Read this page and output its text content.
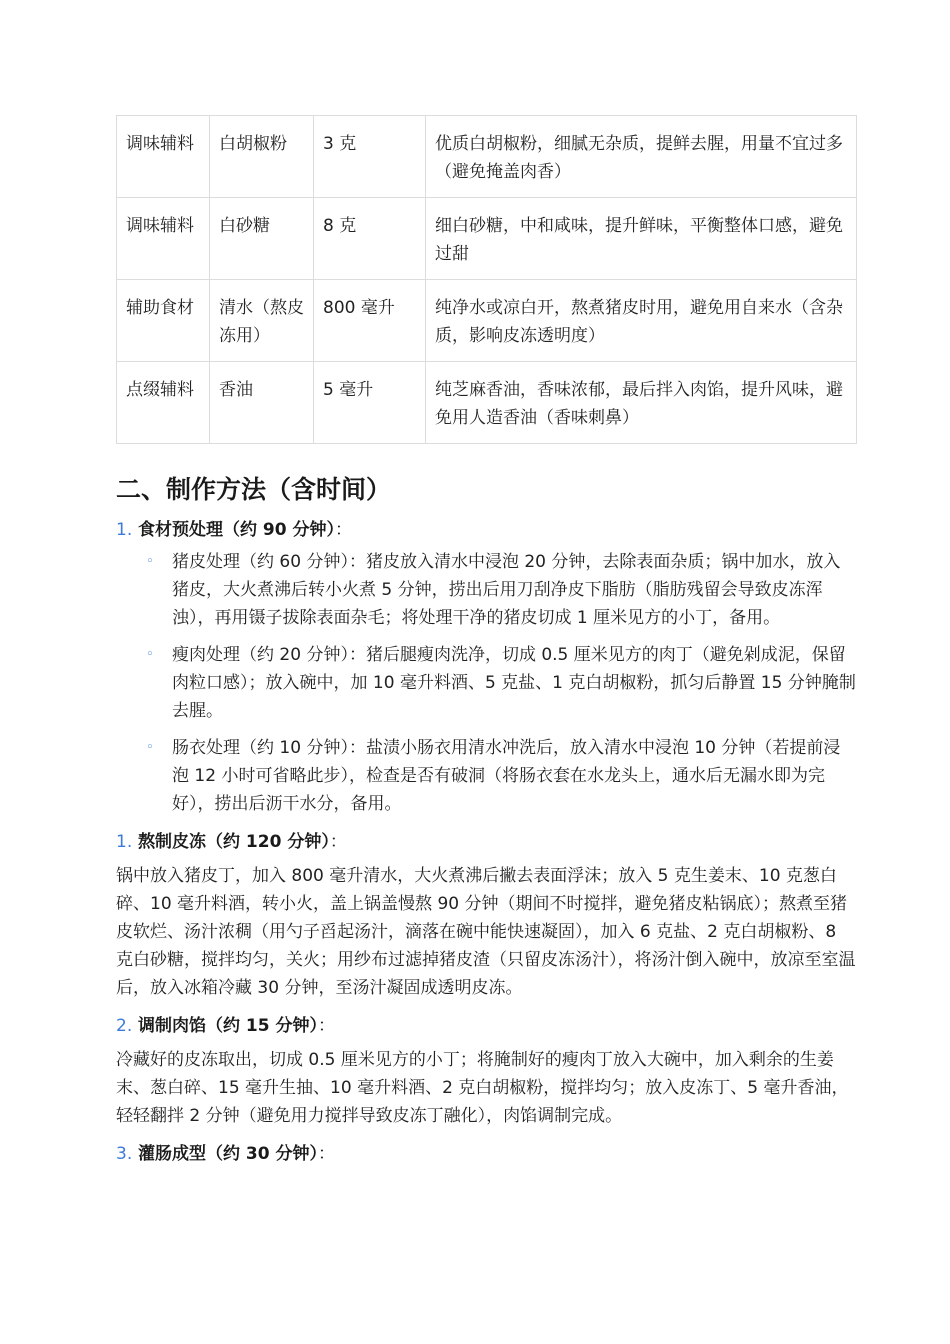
调味辅料	白胡椒粉	3 克	优质白胡椒粉，细腻无杂质，提鲜去腥，用量不宜过多（避免掩盖肉香）
调味辅料	白砂糖	8 克	细白砂糖，中和咸味，提升鲜味，平衡整体口感，避免过甜
辅助食材	清水（熬皮冻用）	800 毫升	纯净水或凉白开，熬煮猪皮时用，避免用自来水（含杂质，影响皮冻透明度）
点缀辅料	香油	5 毫升	纯芝麻香油，香味浓郁，最后拌入肉馅，提升风味，避免用人造香油（香味刺鼻）
二、制作方法（含时间）
1. 食材预处理（约 90 分钟）：
◦ 猪皮处理（约 60 分钟）：猪皮放入清水中浸泡 20 分钟，去除表面杂质；锅中加水，放入猪皮，大火煮沸后转小火煮 5 分钟，捞出后用刀刮净皮下脂肪（脂肪残留会导致皮冻浑浊），再用镊子拔除表面杂毛；将处理干净的猪皮切成 1 厘米见方的小丁，备用。
◦ 瘦肉处理（约 20 分钟）：猪后腿瘦肉洗净，切成 0.5 厘米见方的肉丁（避免剁成泥，保留肉粒口感）；放入碗中，加 10 毫升料酒、5 克盐、1 克白胡椒粉，抓匀后静置 15 分钟腌制去腥。
◦ 肠衣处理（约 10 分钟）：盐渍小肠衣用清水冲洗后，放入清水中浸泡 10 分钟（若提前浸泡 12 小时可省略此步），检查是否有破洞（将肠衣套在水龙头上，通水后无漏水即为完好），捞出后沥干水分，备用。
1. 熬制皮冻（约 120 分钟）：

锅中放入猪皮丁，加入 800 毫升清水，大火煮沸后撇去表面浮沫；放入 5 克生姜末、10 克葱白碎、10 毫升料酒，转小火，盖上锅盖慢熬 90 分钟（期间不时搅拌，避免猪皮粘锅底）；熬煮至猪皮软烂、汤汁浓稠（用勺子舀起汤汁，滴落在碗中能快速凝固），加入 6 克盐、2 克白胡椒粉、8 克白砂糖，搅拌均匀，关火；用纱布过滤掉猪皮渣（只留皮冻汤汁），将汤汁倒入碗中，放凉至室温后，放入冰箱冷藏 30 分钟，至汤汁凝固成透明皮冻。

2. 调制肉馅（约 15 分钟）：

冷藏好的皮冻取出，切成 0.5 厘米见方的小丁；将腌制好的瘦肉丁放入大碗中，加入剩余的生姜末、葱白碎、15 毫升生抽、10 毫升料酒、2 克白胡椒粉，搅拌均匀；放入皮冻丁、5 毫升香油，轻轻翻拌 2 分钟（避免用力搅拌导致皮冻丁融化），肉馅调制完成。

3. 灌肠成型（约 30 分钟）：
